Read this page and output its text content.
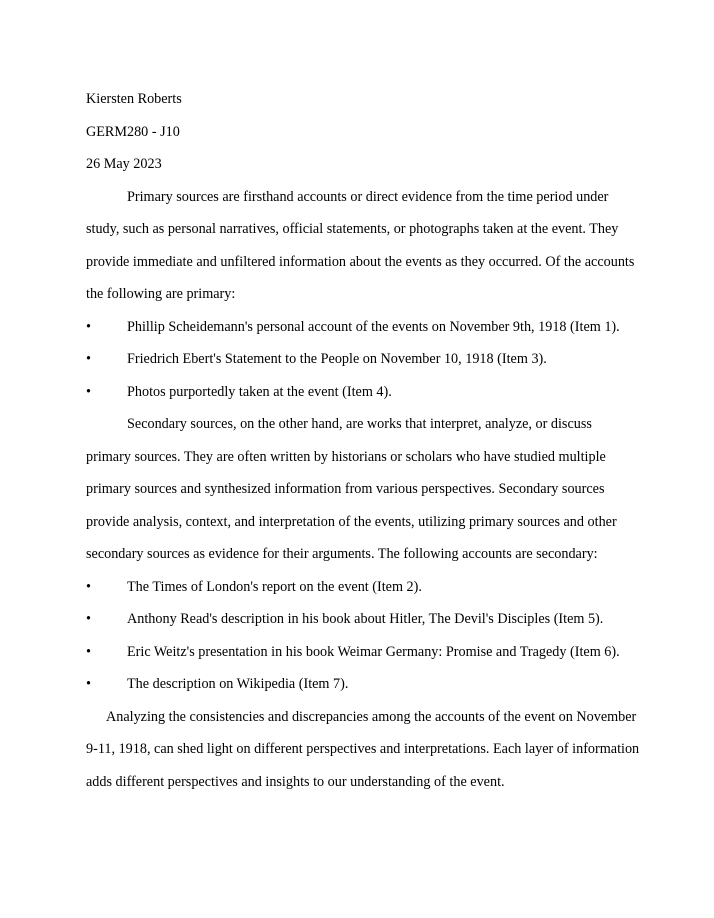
Kiersten Roberts
GERM280 - J10
26 May 2023
Primary sources are firsthand accounts or direct evidence from the time period under
study, such as personal narratives, official statements, or photographs taken at the event. They
provide immediate and unfiltered information about the events as they occurred. Of the accounts
the following are primary:
•	Phillip Scheidemann's personal account of the events on November 9th, 1918 (Item 1).
•	Friedrich Ebert's Statement to the People on November 10, 1918 (Item 3).
•	Photos purportedly taken at the event (Item 4).
Secondary sources, on the other hand, are works that interpret, analyze, or discuss
primary sources. They are often written by historians or scholars who have studied multiple
primary sources and synthesized information from various perspectives. Secondary sources
provide analysis, context, and interpretation of the events, utilizing primary sources and other
secondary sources as evidence for their arguments. The following accounts are secondary:
•	The Times of London's report on the event (Item 2).
•	Anthony Read's description in his book about Hitler, The Devil's Disciples (Item 5).
•	Eric Weitz's presentation in his book Weimar Germany: Promise and Tragedy (Item 6).
•	The description on Wikipedia (Item 7).
Analyzing the consistencies and discrepancies among the accounts of the event on November
9-11, 1918, can shed light on different perspectives and interpretations. Each layer of information
adds different perspectives and insights to our understanding of the event.
